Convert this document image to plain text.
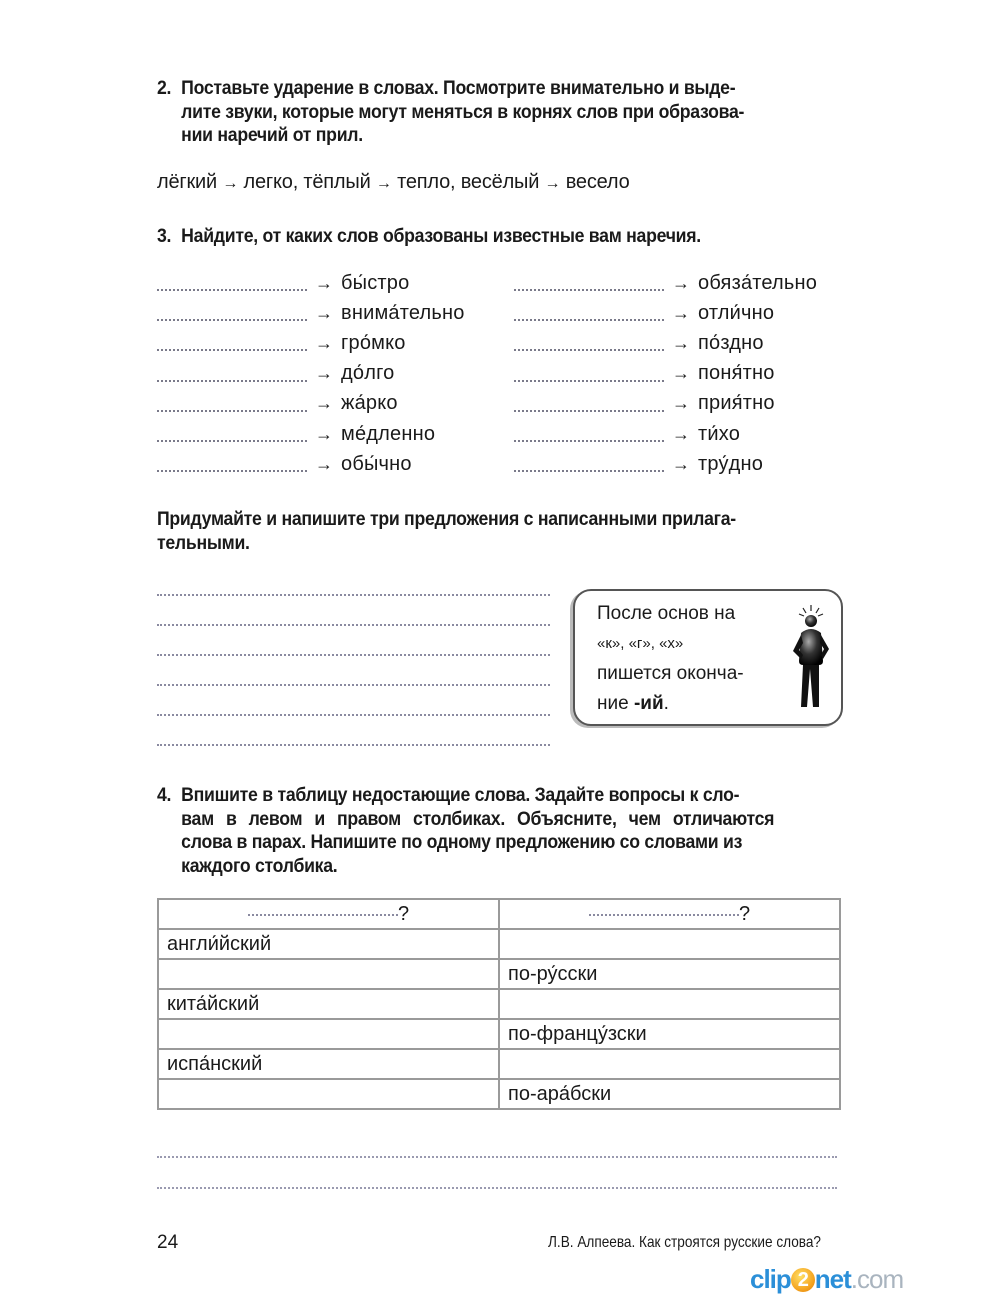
2. Поставьте ударение в словах. Посмотрите внимательно и выде-
лите звуки, которые могут меняться в корнях слов при образова-
нии наречий от прил.
лёгкий → легко, тёплый → тепло, весёлый → весело
3. Найдите, от каких слов образованы известные вам наречия.
→ бы́стро
→ внима́тельно
→ гро́мко
→ до́лго
→ жа́рко
→ ме́дленно
→ обы́чно
→ обяза́тельно
→ отли́чно
→ по́здно
→ поня́тно
→ прия́тно
→ ти́хо
→ тру́дно
Придумайте и напишите три предложения с написанными прилага-
тельными.
После основ на
«к», «г», «х»
пишется оконча-
ние -ий.
4. Впишите в таблицу недостающие слова. Задайте вопросы к сло-
вам в левом и правом столбиках. Объясните, чем отличаются
слова в парах. Напишите по одному предложению со словами из
каждого столбика.
?	?
англи́йский	
	по-ру́сски
кита́йский	
	по-францу́зски
испа́нский	
	по-ара́бски
24	Л.В. Алпеева. Как строятся русские слова?
clip 2 net.com
